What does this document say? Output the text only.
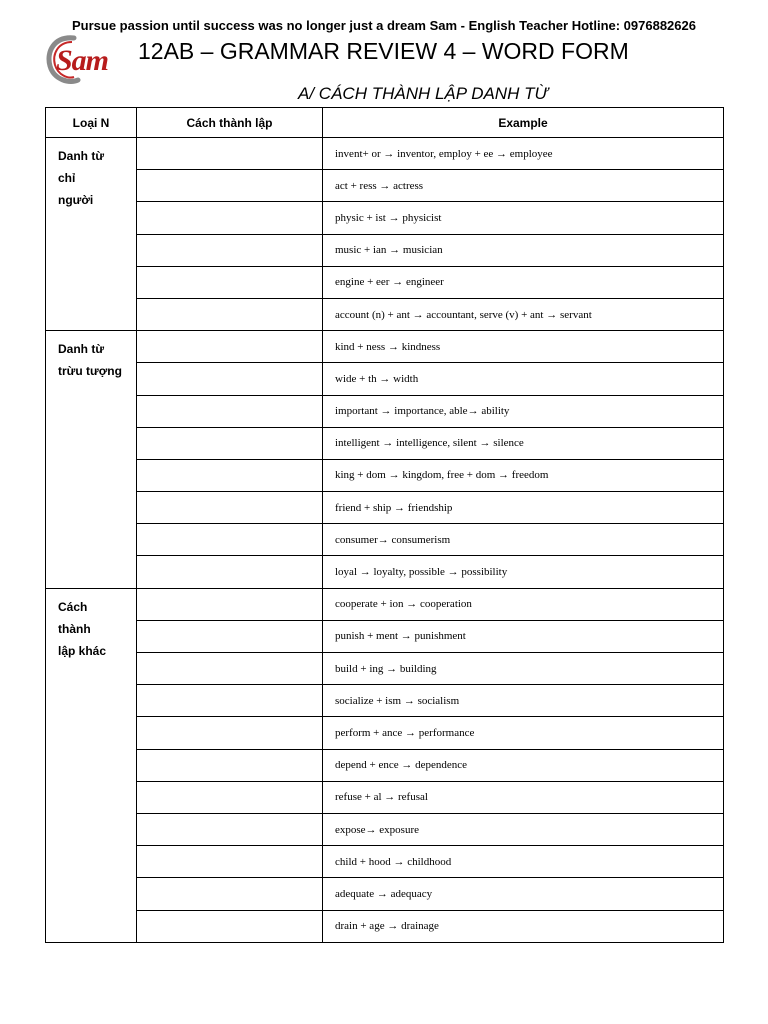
Pursue passion until success was no longer just a dream Sam - English Teacher Hotline: 0976882626
Sam 12AB – GRAMMAR REVIEW 4 – WORD FORM
A/ CÁCH THÀNH LẬP DANH TỪ
Loại N	Cách thành lập	Example

Danh từ
chỉ
người		invent+ or → inventor, employ + ee → employee
		act + ress → actress
		physic + ist → physicist
		music + ian → musician
		engine + eer → engineer
		account (n) + ant → accountant, serve (v) + ant → servant

Danh từ
trừu tượng		kind + ness → kindness
		wide + th → width
		important → importance, able→ ability
		intelligent → intelligence, silent → silence
		king + dom → kingdom, free + dom → freedom
		friend + ship → friendship
		consumer→ consumerism
		loyal → loyalty, possible → possibility

Cách
thành
lập khác		cooperate + ion → cooperation
		punish + ment → punishment
		build + ing → building
		socialize + ism → socialism
		perform + ance → performance
		depend + ence → dependence
		refuse + al → refusal
		expose→ exposure
		child + hood → childhood
		adequate → adequacy
		drain + age → drainage
